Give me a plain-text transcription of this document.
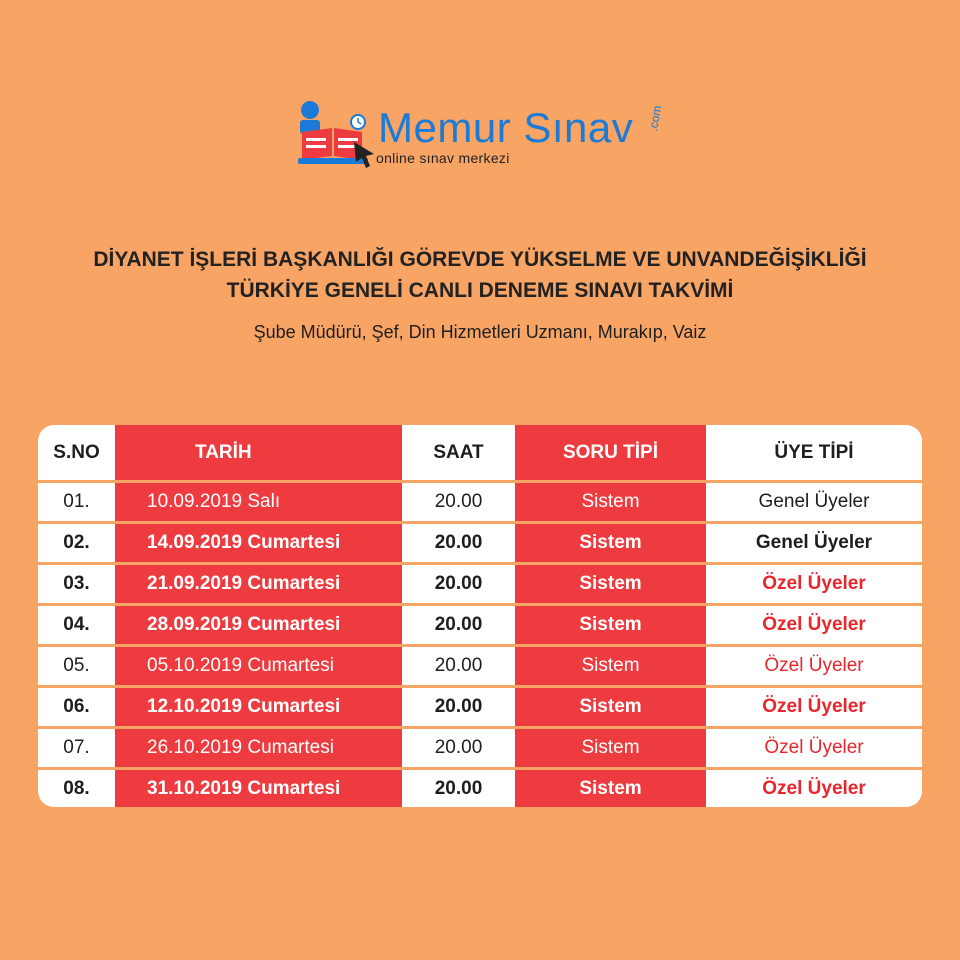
Memur Sınav .com
online sınav merkezi
DİYANET İŞLERİ BAŞKANLIĞI GÖREVDE YÜKSELME VE UNVANDEĞİŞİKLİĞİ
TÜRKİYE GENELİ CANLI DENEME SINAVI TAKVİMİ
Şube Müdürü, Şef, Din Hizmetleri Uzmanı, Murakıp, Vaiz
S.NO	TARİH	SAAT	SORU TİPİ	ÜYE TİPİ
01.	10.09.2019 Salı	20.00	Sistem	Genel Üyeler
02.	14.09.2019 Cumartesi	20.00	Sistem	Genel Üyeler
03.	21.09.2019 Cumartesi	20.00	Sistem	Özel Üyeler
04.	28.09.2019 Cumartesi	20.00	Sistem	Özel Üyeler
05.	05.10.2019 Cumartesi	20.00	Sistem	Özel Üyeler
06.	12.10.2019 Cumartesi	20.00	Sistem	Özel Üyeler
07.	26.10.2019 Cumartesi	20.00	Sistem	Özel Üyeler
08.	31.10.2019 Cumartesi	20.00	Sistem	Özel Üyeler
